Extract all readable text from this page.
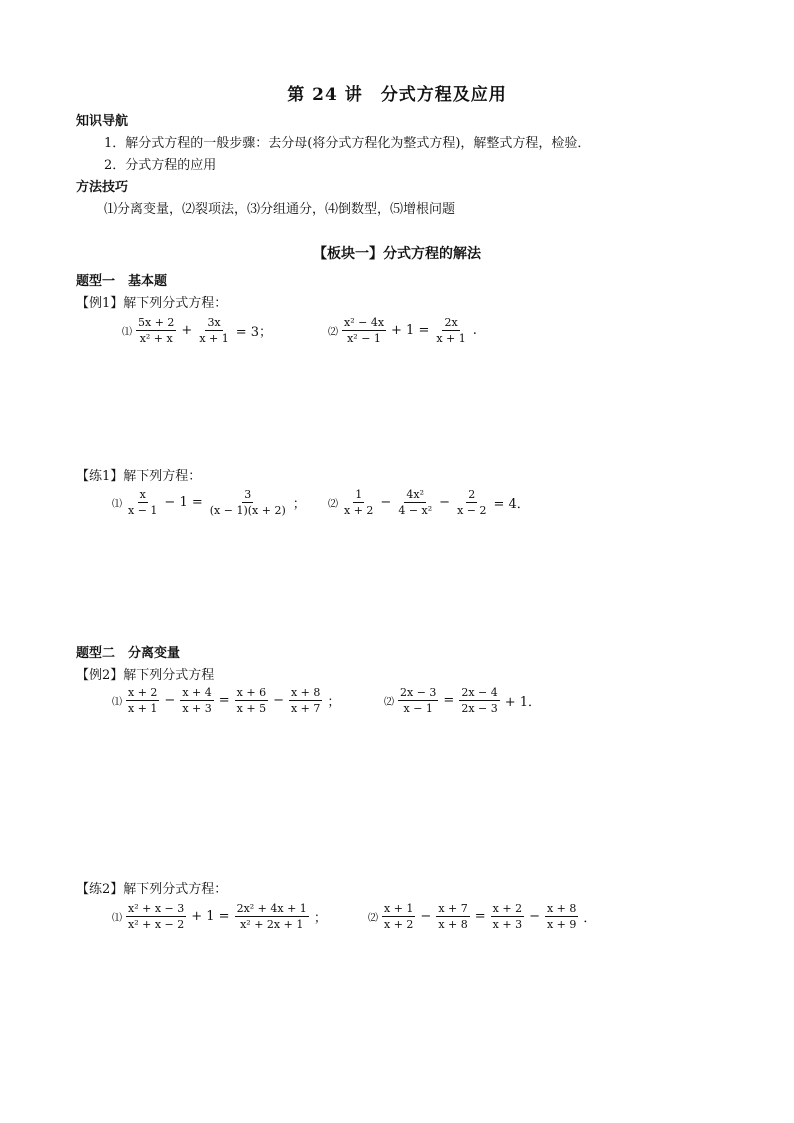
第 24 讲　分式方程及应用
知识导航
1．解分式方程的一般步骤：去分母(将分式方程化为整式方程)，解整式方程，检验．
2．分式方程的应用
方法技巧
⑴分离变量，⑵裂项法，⑶分组通分，⑷倒数型，⑸增根问题
【板块一】分式方程的解法
题型一　基本题
【例1】解下列分式方程：
⑴ $\frac{5x + 2}{\text{x² + x}} + \frac{3x}{x + 1} = 3$；	⑵ $\frac{\text{x² − 4x}}{\text{x² − 1}} + 1 = \frac{2x}{x + 1}$ .
【练1】解下列方程：
⑴ $\frac{x}{x - 1} - 1 = \frac{3}{(x - 1)(x + 2)}$ ； ⑵ $\frac{1}{x + 2} - \frac{\text{4x²}}{\text{4 − x²}} - \frac{2}{x - 2} = 4$．
题型二　分离变量
【例2】解下列分式方程
⑴ $\frac{x + 2}{x + 1} - \frac{x + 4}{x + 3} = \frac{x + 6}{x + 5} - \frac{x + 8}{x + 7}$ ；	⑵ $\frac{2x - 3}{x - 1} = \frac{2x - 4}{2x - 3} + 1$．
【练2】解下列分式方程：
⑴ $\frac{\text{x² + x − 3}}{\text{x² + x − 2}} + 1 = \frac{\text{2x² + 4x + 1}}{\text{x² + 2x + 1}}$ ；	⑵ $\frac{x + 1}{x + 2} - \frac{x + 7}{x + 8} = \frac{x + 2}{x + 3} - \frac{x + 8}{x + 9}$ ．
